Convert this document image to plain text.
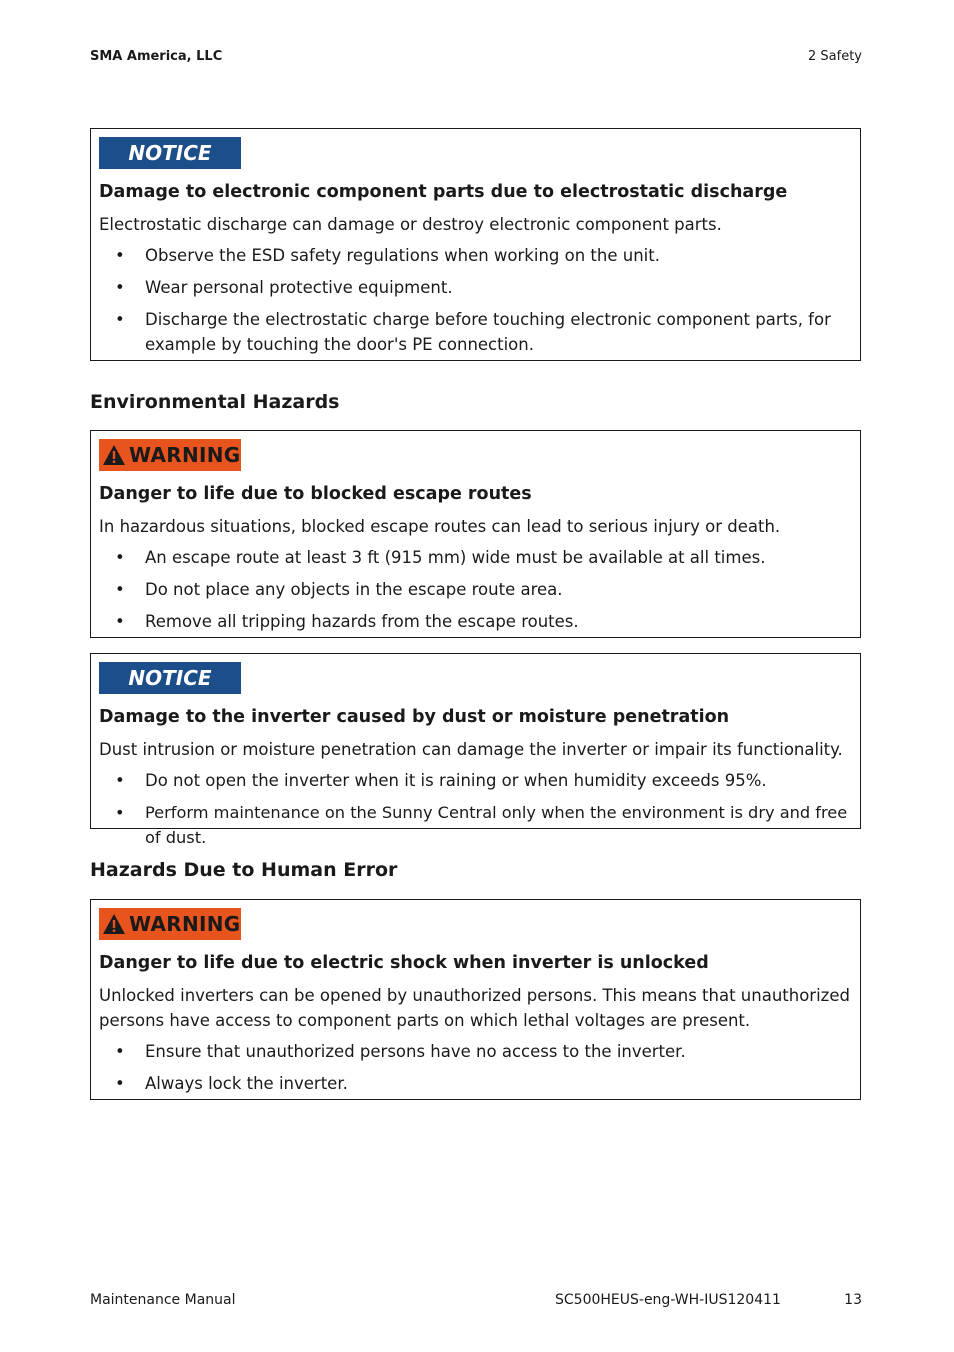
SMA America, LLC	2 Safety
NOTICE
Damage to electronic component parts due to electrostatic discharge
Electrostatic discharge can damage or destroy electronic component parts.
• Observe the ESD safety regulations when working on the unit.
• Wear personal protective equipment.
• Discharge the electrostatic charge before touching electronic component parts, for example by touching the door's PE connection.
Environmental Hazards
WARNING
Danger to life due to blocked escape routes
In hazardous situations, blocked escape routes can lead to serious injury or death.
• An escape route at least 3 ft (915 mm) wide must be available at all times.
• Do not place any objects in the escape route area.
• Remove all tripping hazards from the escape routes.
NOTICE
Damage to the inverter caused by dust or moisture penetration
Dust intrusion or moisture penetration can damage the inverter or impair its functionality.
• Do not open the inverter when it is raining or when humidity exceeds 95%.
• Perform maintenance on the Sunny Central only when the environment is dry and free of dust.
Hazards Due to Human Error
WARNING
Danger to life due to electric shock when inverter is unlocked
Unlocked inverters can be opened by unauthorized persons. This means that unauthorized persons have access to component parts on which lethal voltages are present.
• Ensure that unauthorized persons have no access to the inverter.
• Always lock the inverter.
Maintenance Manual	SC500HEUS-eng-WH-IUS120411	13
